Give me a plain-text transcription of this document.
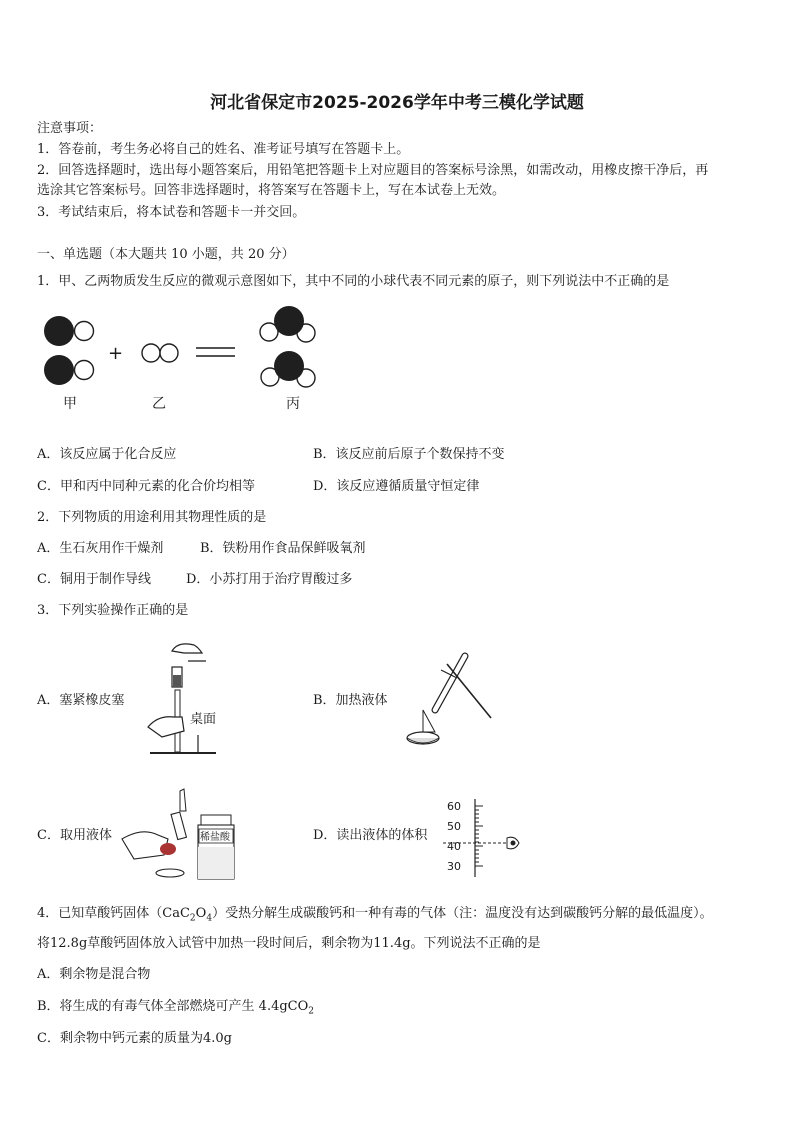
河北省保定市2025-2026学年中考三模化学试题
注意事项：
1．答卷前，考生务必将自己的姓名、准考证号填写在答题卡上。
2．回答选择题时，选出每小题答案后，用铅笔把答题卡上对应题目的答案标号涂黑，如需改动，用橡皮擦干净后，再
选涂其它答案标号。回答非选择题时，将答案写在答题卡上，写在本试卷上无效。
3．考试结束后，将本试卷和答题卡一并交回。
一、单选题（本大题共 10 小题，共 20 分）
1．甲、乙两物质发生反应的微观示意图如下，其中不同的小球代表不同元素的原子，则下列说法中不正确的是
+
甲	乙	丙
A．该反应属于化合反应	B．该反应前后原子个数保持不变
C．甲和丙中同种元素的化合价均相等	D．该反应遵循质量守恒定律
2．下列物质的用途利用其物理性质的是
A．生石灰用作干燥剂	B．铁粉用作食品保鲜吸氧剂
C．铜用于制作导线	D．小苏打用于治疗胃酸过多
3．下列实验操作正确的是
A．塞紧橡皮塞
桌面
B．加热液体
C．取用液体	稀盐酸	D．读出液体的体积
60
50
40
30
4．已知草酸钙固体$(CaC_2O_4)$受热分解生成碳酸钙和一种有毒的气体（注：温度没有达到碳酸钙分解的最低温度）。
将12.8g草酸钙固体放入试管中加热一段时间后，剩余物为11.4g。下列说法不正确的是
A．剩余物是混合物
B．将生成的有毒气体全部燃烧可产生 4.4gCO$_2$
C．剩余物中钙元素的质量为4.0g
